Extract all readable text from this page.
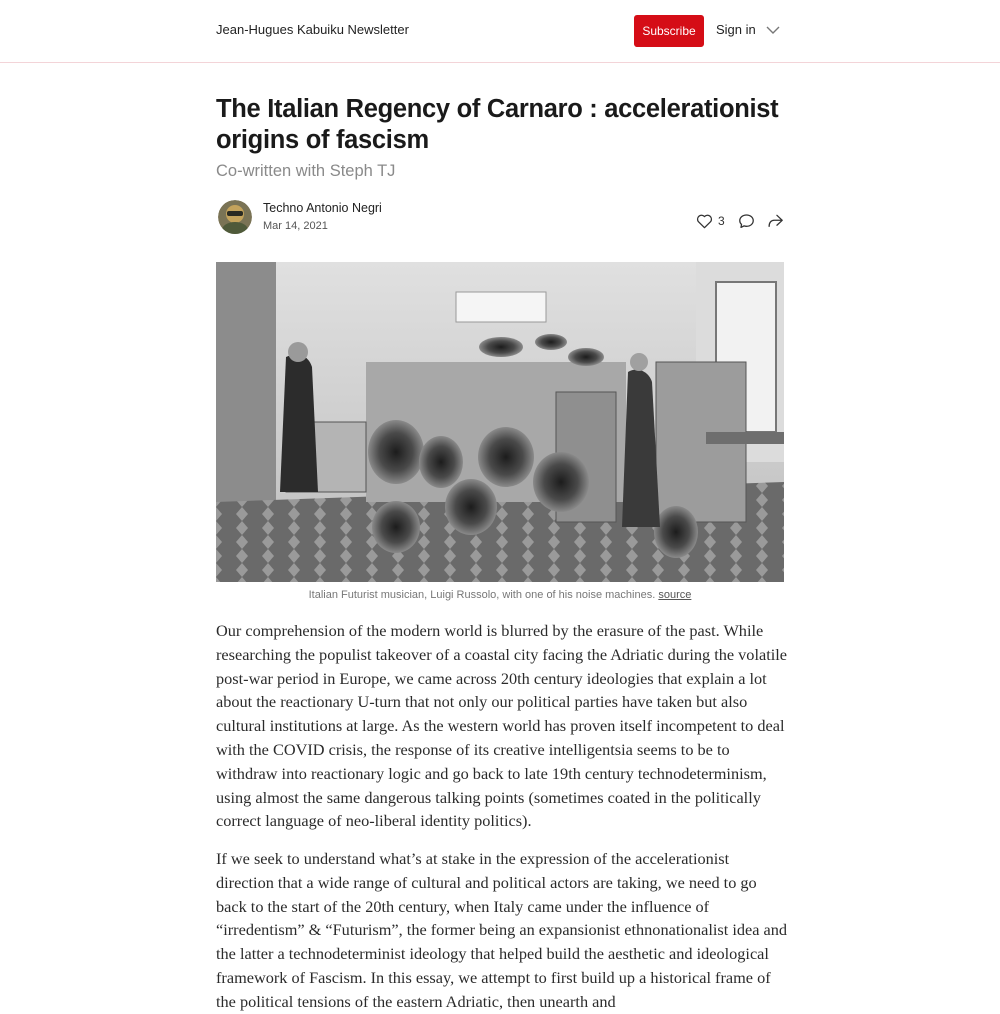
Jean-Hugues Kabuiku Newsletter	Subscribe	Sign in
The Italian Regency of Carnaro : accelerationist origins of fascism
Co-written with Steph TJ
Techno Antonio Negri
Mar 14, 2021	3
Italian Futurist musician, Luigi Russolo, with one of his noise machines. source

Our comprehension of the modern world is blurred by the erasure of the past. While researching the populist takeover of a coastal city facing the Adriatic during the volatile post-war period in Europe, we came across 20th century ideologies that explain a lot about the reactionary U-turn that not only our political parties have taken but also cultural institutions at large. As the western world has proven itself incompetent to deal with the COVID crisis, the response of its creative intelligentsia seems to be to withdraw into reactionary logic and go back to late 19th century technodeterminism, using almost the same dangerous talking points (sometimes coated in the politically correct language of neo-liberal identity politics).

If we seek to understand what’s at stake in the expression of the accelerationist direction that a wide range of cultural and political actors are taking, we need to go back to the start of the 20th century, when Italy came under the influence of “irredentism” & “Futurism”, the former being an expansionist ethnonationalist idea and the latter a technodeterminist ideology that helped build the aesthetic and ideological framework of Fascism. In this essay, we attempt to first build up a historical frame of the political tensions of the eastern Adriatic, then unearth and
